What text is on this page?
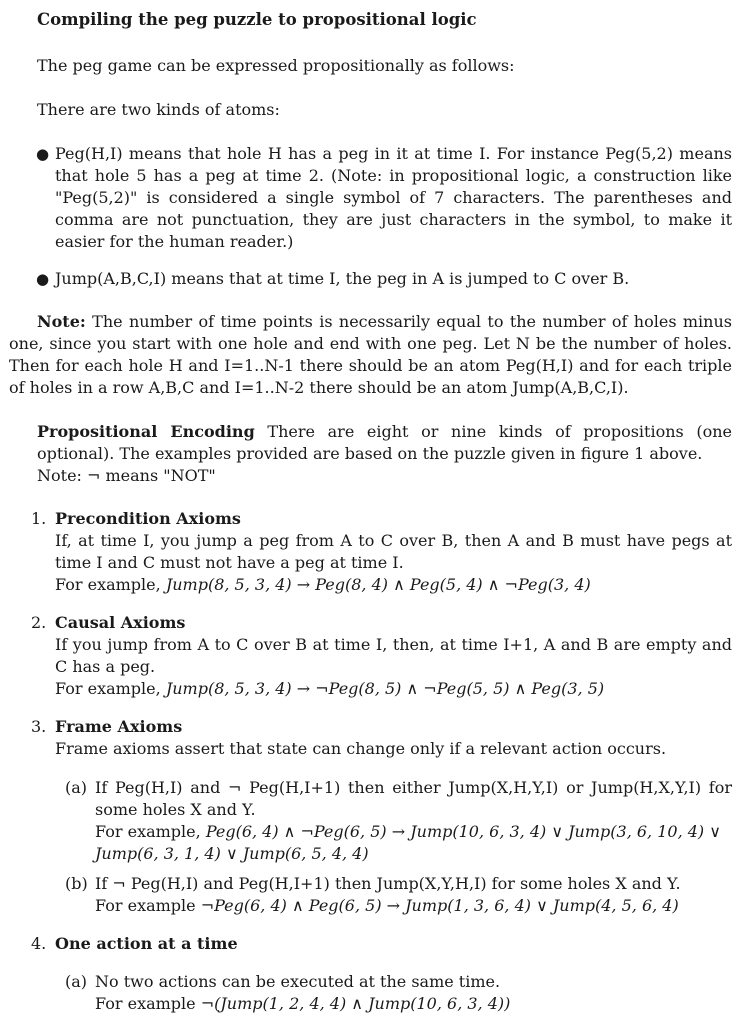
Compiling the peg puzzle to propositional logic
The peg game can be expressed propositionally as follows:
There are two kinds of atoms:
● Peg(H,I) means that hole H has a peg in it at time I. For instance Peg(5,2) means that hole 5 has a peg at time 2. (Note: in propositional logic, a construction like "Peg(5,2)" is considered a single symbol of 7 characters. The parentheses and comma are not punctuation, they are just characters in the symbol, to make it easier for the human reader.)
● Jump(A,B,C,I) means that at time I, the peg in A is jumped to C over B.
Note: The number of time points is necessarily equal to the number of holes minus one, since you start with one hole and end with one peg. Let N be the number of holes. Then for each hole H and I=1..N-1 there should be an atom Peg(H,I) and for each triple of holes in a row A,B,C and I=1..N-2 there should be an atom Jump(A,B,C,I).
Propositional Encoding There are eight or nine kinds of propositions (one optional). The examples provided are based on the puzzle given in figure 1 above.
Note: ¬ means "NOT"
1. Precondition Axioms
If, at time I, you jump a peg from A to C over B, then A and B must have pegs at time I and C must not have a peg at time I.
For example, Jump(8, 5, 3, 4) → Peg(8, 4) ∧ Peg(5, 4) ∧ ¬Peg(3, 4)
2. Causal Axioms
If you jump from A to C over B at time I, then, at time I+1, A and B are empty and C has a peg.
For example, Jump(8, 5, 3, 4) → ¬Peg(8, 5) ∧ ¬Peg(5, 5) ∧ Peg(3, 5)
3. Frame Axioms
Frame axioms assert that state can change only if a relevant action occurs.
(a) If Peg(H,I) and ¬ Peg(H,I+1) then either Jump(X,H,Y,I) or Jump(H,X,Y,I) for some holes X and Y.
For example, Peg(6, 4) ∧ ¬Peg(6, 5) → Jump(10, 6, 3, 4) ∨ Jump(3, 6, 10, 4) ∨
Jump(6, 3, 1, 4) ∨ Jump(6, 5, 4, 4)
(b) If ¬ Peg(H,I) and Peg(H,I+1) then Jump(X,Y,H,I) for some holes X and Y.
For example ¬Peg(6, 4) ∧ Peg(6, 5) → Jump(1, 3, 6, 4) ∨ Jump(4, 5, 6, 4)
4. One action at a time
(a) No two actions can be executed at the same time.
For example ¬(Jump(1, 2, 4, 4) ∧ Jump(10, 6, 3, 4))
